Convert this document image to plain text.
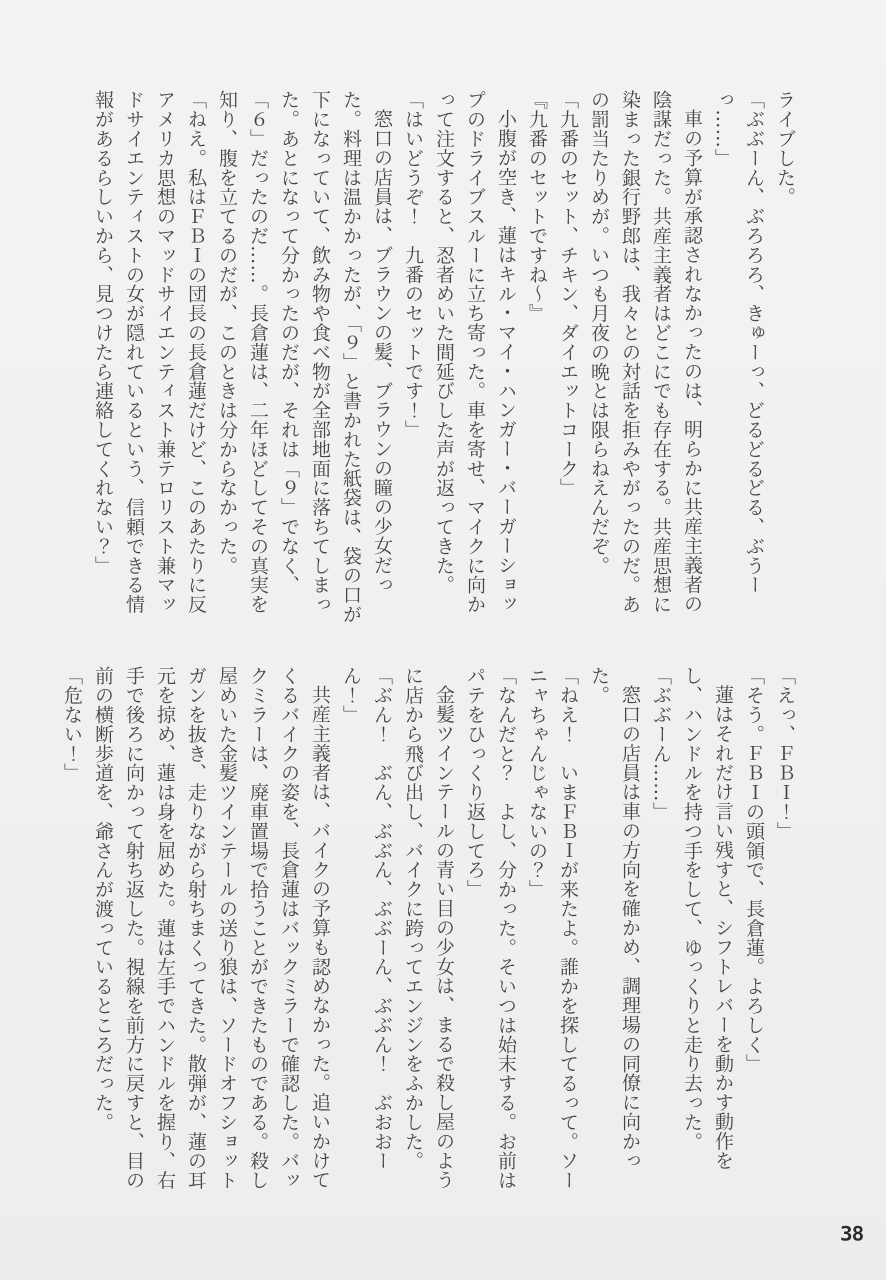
ライブした。

「ぶぶーん、ぶろろろ、きゅーっ、どるどるどる、ぶうーっ……」

車の予算が承認されなかったのは、明らかに共産主義者の陰謀だった。共産主義者はどこにでも存在する。共産思想に染まった銀行野郎は、我々との対話を拒みやがったのだ。あの罰当たりめが。いつも月夜の晩とは限らねえんだぞ。

「九番のセット、チキン、ダイエットコーク」

『九番のセットですね〜』

小腹が空き、蓮はキル・マイ・ハンガー・バーガーショップのドライブスルーに立ち寄った。車を寄せ、マイクに向かって注文すると、忍者めいた間延びした声が返ってきた。

「はいどうぞ！　九番のセットです！」

窓口の店員は、ブラウンの髪、ブラウンの瞳の少女だった。料理は温かかったが、「９」と書かれた紙袋は、袋の口が下になっていて、飲み物や食べ物が全部地面に落ちてしまった。あとになって分かったのだが、それは「９」でなく、「６」だったのだ……。長倉蓮は、二年ほどしてその真実を知り、腹を立てるのだが、このときは分からなかった。

「ねえ。私はＦＢＩの団長の長倉蓮だけど、このあたりに反アメリカ思想のマッドサイエンティスト兼テロリスト兼マッドサイエンティストの女が隠れているという、信頼できる情報があるらしいから、見つけたら連絡してくれない？」

「えっ、ＦＢＩ！」

「そう。ＦＢＩの頭領で、長倉蓮。よろしく」

蓮はそれだけ言い残すと、シフトレバーを動かす動作をし、ハンドルを持つ手をして、ゆっくりと走り去った。

「ぶぶーん……」

窓口の店員は車の方向を確かめ、調理場の同僚に向かった。

「ねえ！　いまＦＢＩが来たよ。誰かを探してるって。ソーニャちゃんじゃないの？」

「なんだと？　よし、分かった。そいつは始末する。お前はパテをひっくり返してろ」

金髪ツインテールの青い目の少女は、まるで殺し屋のように店から飛び出し、バイクに跨ってエンジンをふかした。

「ぶん！　ぶん、ぶぶん、ぶぶーん、ぶぶん！　ぶおおーん！」

共産主義者は、バイクの予算も認めなかった。追いかけてくるバイクの姿を、長倉蓮はバックミラーで確認した。バックミラーは、廃車置場で拾うことができたものである。殺し屋めいた金髪ツインテールの送り狼は、ソードオフショットガンを抜き、走りながら射ちまくってきた。散弾が、蓮の耳元を掠め、蓮は身を屈めた。蓮は左手でハンドルを握り、右手で後ろに向かって射ち返した。視線を前方に戻すと、目の前の横断歩道を、爺さんが渡っているところだった。

「危ない！」

38
